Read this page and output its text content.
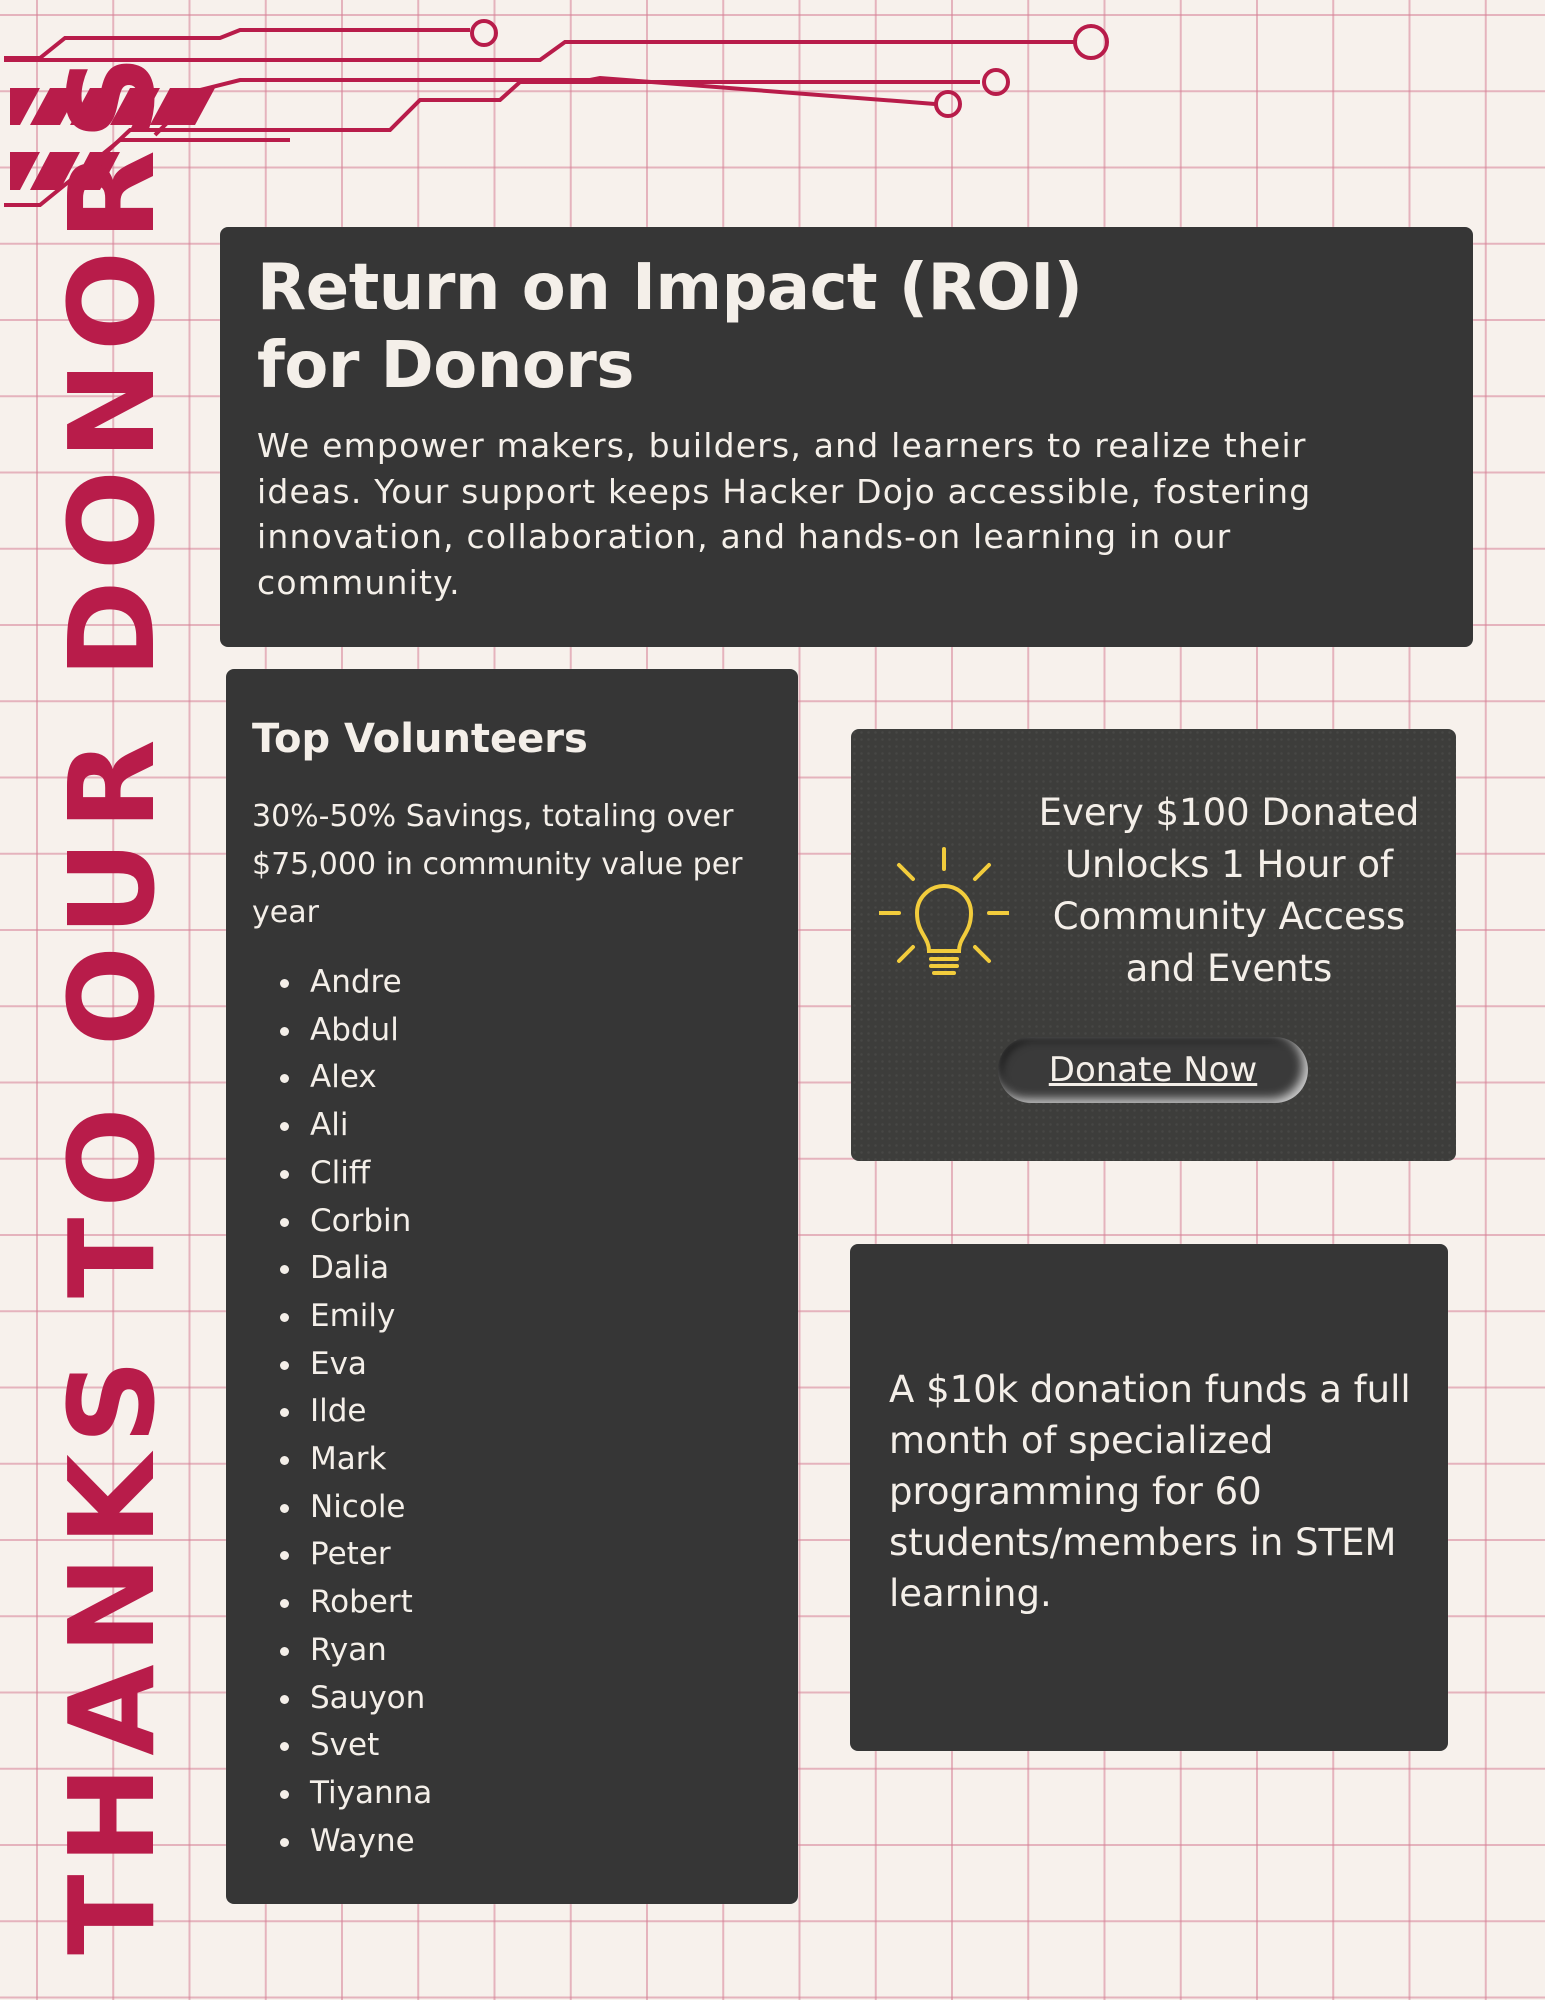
THANKS TO OUR DONORS Return on Impact (ROI)
for Donors

We empower makers, builders, and learners to realize their ideas. Your support keeps Hacker Dojo accessible, fostering innovation, collaboration, and hands-on learning in our community.

Top Volunteers

30%-50% Savings, totaling over $75,000 in community value per year

Andre
Abdul
Alex
Ali
Cliff
Corbin
Dalia
Emily
Eva
Ilde
Mark
Nicole
Peter
Robert
Ryan
Sauyon
Svet
Tiyanna
Wayne

Every $100 Donated Unlocks 1 Hour of Community Access and Events

Donate Now

A $10k donation funds a full month of specialized programming for 60 students/members in STEM learning.
